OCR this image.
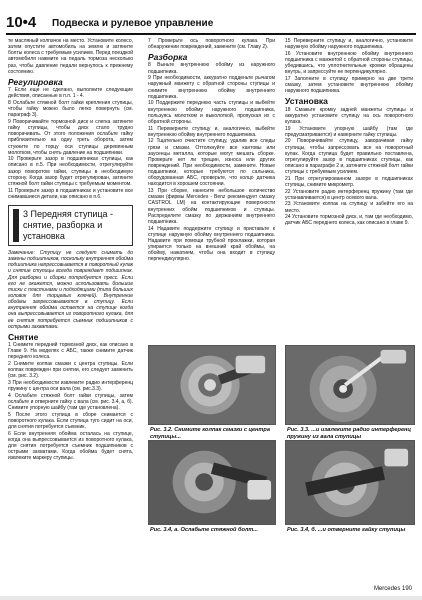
10•4 Подвеска и рулевое управление

те масляный колпачок на место. Установите колесо, затем опустите автомобиль на землю и затяните болты колеса с требуемым усилием. Перед поездкой автомобиля нажмите на педаль тормоза несколько раз, чтобы давление педали вернулось к прежнему состоянию.

Регулировка

7 Если еще не сделано, выполните следующие действия, описанные в п.п. 1 - 4.

8 Ослабьте стяжной болт гайки крепления ступицы, чтобы гайку можно было легко повернуть (см. параграф 3).

9 Поворачивайте тормозной диск и слегка затяните гайку ступицы, чтобы диск стало трудно поворачивать. От этого положения ослабьте гайку приблизительно на одну треть оборота, затем стукните по торцу оси ступицы деревянным молотком, чтобы снять давление на подшипники.

10 Проверьте зазор в подшипниках ступицы, как описано в п.5. При необходимости, отрегулируйте зазор поворотом гайки, ступицы в необходимую сторону. Когда зазор будет отрегулирован, затяните стяжной болт гайки ступицы с требуемым моментом.

11 Проверьте зазор в подшипниках и установите все снимавшиеся детали, как описано в п.6.

3 Передняя ступица - снятие, разборка и установка

Замечание: Ступицу не следует снимать до замены подшипников, поскольку внутренняя обойма подшипника напрессовывается в поворотный кулак и снятие ступицы всегда повреждает подшипник. Для разборки и сборки потребуется пресс. Если его не окажется, можно использовать большие тиски с пластинами и подходящими (типа больших головок для торцевых ключей). Внутренние обоймы запрессовываются в ступицу. Если внутренняя обойма остается на ступице когда она выпрессовывается из поворотного кулака, для ее снятия потребуется съемник подшипников с острыми захватами.

Снятие

1 Снимите передний тормозной диск, как описано в Главе 9. На моделях с АБС, также снимите датчик переднего колеса.

2 Снимите колпак смазки с центра ступицы. Если колпак поврежден при снятии, его следует заменить (см. рис. 3.2).

3 При необходимости извлеките радио интерференц пружину с центра оси вала (см. рис.3.3).

4 Ослабьте стяжной болт гайки ступицы, затем ослабьте и отверните гайку с вала (см. рис. 3.4, а, б). Снимите упорную шайбу (там где установлена).

5 После этого ступица в сборе снимается с поворотного кулака. Если ступица туго сидит на оси, для снятия потребуется съемник.

6 Если внутренняя обойма осталась на ступице, когда она выпрессовывается из поворотного кулака, для снятия потребуется съемник подшипников с острыми захватами. Когда обойма будет снята, извлеките маркеру ступицы.

7 Проверьте ось поворотного кулака. При обнаружении повреждений, замените (см. Главу 2).

Разборка

8 Выньте внутреннюю обойму из наружного подшипника.

9 При необходимости, аккуратно подденьте рычагом наружный манжету с обратной стороны ступицы и снимите внутреннюю обойму внутреннего подшипника.

10 Поддержите переднюю часть ступицы и выбейте внутреннюю обойму наружного подшипника, пользуясь молотком и выколоткой, пропуская их с обратной стороны.

11 Переверните ступицу и, аналогично, выбейте внутреннюю обойму внутреннего подшипника.

12 Тщательно очистите ступицу, удалив все следы грязи и смазки. Оттолкнуйте все кантовы или заусенцы металла, которые могут мешать сборке. Проверьте нет ли трещин, износа или других повреждений. При необходимости, замените. Новые подшипники, которые требуются по сальника, оборудованная АБС, проверьте, что колцо датчика находится в хорошем состоянии.

13 При сборке, нанесите небольшое количество смазки (фирмы Mercedes - Benz рекомендует смазку CASTROL LM) на контактирующие поверхности внутренних обойм подшипников и ступицы. Распределите смазку по держаниям внутреннего подшипника.

14 Надавите поддержите ступицу и приставьте к ступице наружную обойму внутреннего подшипника. Надавите при помощи трубной проклажки, которая упирается только на внешний край обоймы, на обойму, нажатием, чтобы она входит в ступицу перпендикулярно.

15 Переверните ступицу и, аналогично, установите наружную обойму наружного подшипника.

16 Установите внутреннюю обойму внутреннего подшипника с манжетой с обратной стороны ступицы, убедившись, что уплотнительные кромки обращены внутрь, и запрессуйте ее перпендикулярно.

17 Заполните в ступицу примерно на две трети смазку, затем установите внутреннюю обойму наружного подшипника.

Установка

18 Смажьте кромку задней манжеты ступицы и аккуратно установите ступицу на ось поворотного кулака.

19 Установите упорную шайбу (там где предусматривается) и наверните гайку ступицы.

20 Поворачивайте ступицу, заворачивая гайку ступицы, чтобы запрессовать все на поворотный кулак. Когда ступица будет правильно поставлена, отрегулируйте зазор в подшипниках ступицы, как описано в параграфе 2 и, затяните стяжной болт гайки ступицы с требуемым усилием.

21 При отрегулированном зазоре в подшипниках ступицы, снимите микрометр.

22 Установите радио интерференц пружину (там где устанавливается) в центр осевого вала.

23 Установите колпак на ступицу и забейте его на место.

24 Установите тормозной диск, и, там где необходимо, датчик АБС переднего колеса, как описано в главе 9.

Рис. 3.2. Снимите колпак смазки с центра ступицы...
Рис. 3.3. ...и извлеките радио интерференц пружину из вала ступицы
Рис. 3.4, а. Ослабьте стяжной болт...	Рис. 3.4, б. ...и отверните гайку ступицы
Mercedes 190
